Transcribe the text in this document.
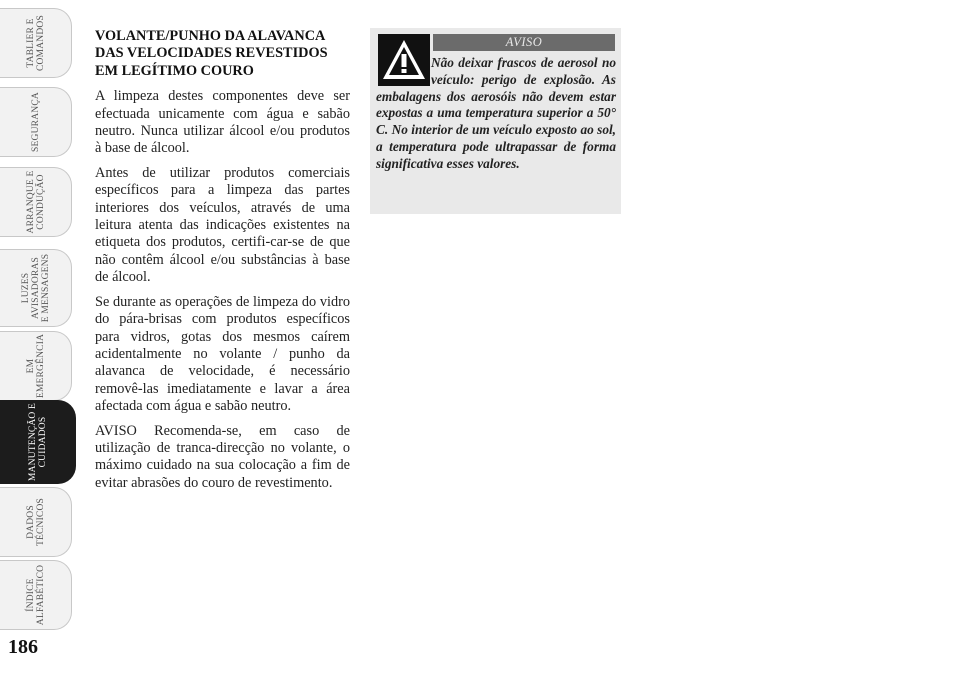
TABLIER E
COMANDOS
SEGURANÇA
ARRANQUE E
CONDUÇÃO
LUZES
AVISADORAS
E MENSAGENS
EM
EMERGÊNCIA
MANUTENÇÃO E
CUIDADOS
DADOS
TÉCNICOS
ÍNDICE
ALFABÉTICO
186
VOLANTE/PUNHO DA ALAVANCA DAS VELOCIDADES REVESTIDOS EM LEGÍTIMO COURO

A limpeza destes componentes deve ser efectuada unicamente com água e sabão neutro. Nunca utilizar álcool e/ou produtos à base de álcool.

Antes de utilizar produtos comerciais específicos para a limpeza das partes interiores dos veículos, através de uma leitura atenta das indicações existentes na etiqueta dos produtos, certifi-car-se de que não contêm álcool e/ou substâncias à base de álcool.

Se durante as operações de limpeza do vidro do pára-brisas com produtos específicos para vidros, gotas dos mesmos caírem acidentalmente no volante / punho da alavanca de velocidade, é necessário removê-las imediatamente e lavar a área afectada com água e sabão neutro.

AVISO Recomenda-se, em caso de utilização de tranca-direcção no volante, o máximo cuidado na sua colocação a fim de evitar abrasões do couro de revestimento.

AVISO
Não deixar frascos de aerosol no veículo: perigo de explosão. As embalagens dos aerosóis não devem estar expostas a uma temperatura superior a 50° C. No interior de um veículo exposto ao sol, a temperatura pode ultrapassar de forma significativa esses valores.
